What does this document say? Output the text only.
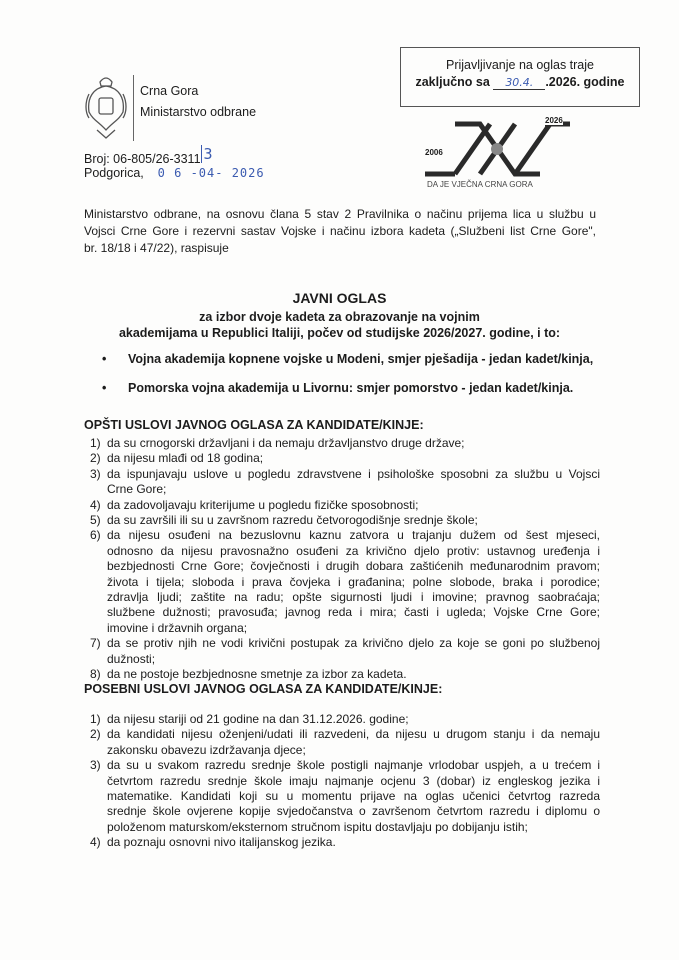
Prijavljivanje na oglas traje
zaključno sa 30.4. .2026. godine
Crna Gora
Ministarstvo odbrane
Broj: 06-805/26-3311 3
Podgorica, 0 6 -04- 2026
2006
2026
DA JE VJEČNA CRNA GORA
Ministarstvo odbrane, na osnovu člana 5 stav 2 Pravilnika o načinu prijema lica u službu u
Vojsci Crne Gore i rezervni sastav Vojske i načinu izbora kadeta („Službeni list Crne Gore",
br. 18/18 i 47/22), raspisuje
JAVNI OGLAS
za izbor dvoje kadeta za obrazovanje na vojnim
akademijama u Republici Italiji, počev od studijske 2026/2027. godine, i to:
• Vojna akademija kopnene vojske u Modeni, smjer pješadija - jedan kadet/kinja,
• Pomorska vojna akademija u Livornu: smjer pomorstvo - jedan kadet/kinja.
OPŠTI USLOVI JAVNOG OGLASA ZA KANDIDATE/KINJE:
1) da su crnogorski državljani i da nemaju državljanstvo druge države;
2) da nijesu mlađi od 18 godina;
3) da ispunjavaju uslove u pogledu zdravstvene i psihološke sposobni za službu u Vojsci
Crne Gore;
4) da zadovoljavaju kriterijume u pogledu fizičke sposobnosti;
5) da su završili ili su u završnom razredu četvorogodišnje srednje škole;
6) da nijesu osuđeni na bezuslovnu kaznu zatvora u trajanju dužem od šest mjeseci,
odnosno da nijesu pravosnažno osuđeni za krivično djelo protiv: ustavnog uređenja i
bezbjednosti Crne Gore; čovječnosti i drugih dobara zaštićenih međunarodnim pravom;
života i tijela; sloboda i prava čovjeka i građanina; polne slobode, braka i porodice;
zdravlja ljudi; zaštite na radu; opšte sigurnosti ljudi i imovine; pravnog saobraćaja;
službene dužnosti; pravosuđa; javnog reda i mira; časti i ugleda; Vojske Crne Gore;
imovine i državnih organa;
7) da se protiv njih ne vodi krivični postupak za krivično djelo za koje se goni po službenoj
dužnosti;
8) da ne postoje bezbjednosne smetnje za izbor za kadeta.
POSEBNI USLOVI JAVNOG OGLASA ZA KANDIDATE/KINJE:
1) da nijesu stariji od 21 godine na dan 31.12.2026. godine;
2) da kandidati nijesu oženjeni/udati ili razvedeni, da nijesu u drugom stanju i da nemaju
zakonsku obavezu izdržavanja djece;
3) da su u svakom razredu srednje škole postigli najmanje vrlodobar uspjeh, a u trećem i
četvrtom razredu srednje škole imaju najmanje ocjenu 3 (dobar) iz engleskog jezika i
matematike. Kandidati koji su u momentu prijave na oglas učenici četvrtog razreda
srednje škole ovjerene kopije svjedočanstva o završenom četvrtom razredu i diplomu o
položenom maturskom/eksternom stručnom ispitu dostavljaju po dobijanju istih;
4) da poznaju osnovni nivo italijanskog jezika.
